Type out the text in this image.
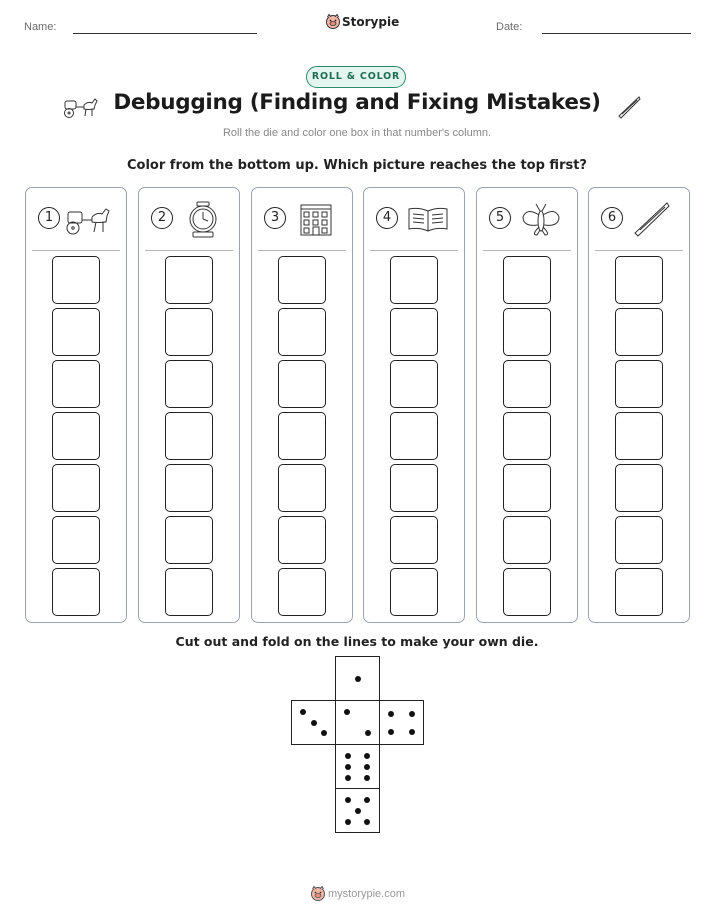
Name:	Storypie	Date:
ROLL & COLOR
Debugging (Finding and Fixing Mistakes)
Roll the die and color one box in that number's column.
Color from the bottom up. Which picture reaches the top first?
1	2	3	4	5	6
Cut out and fold on the lines to make your own die.
mystorypie.com
